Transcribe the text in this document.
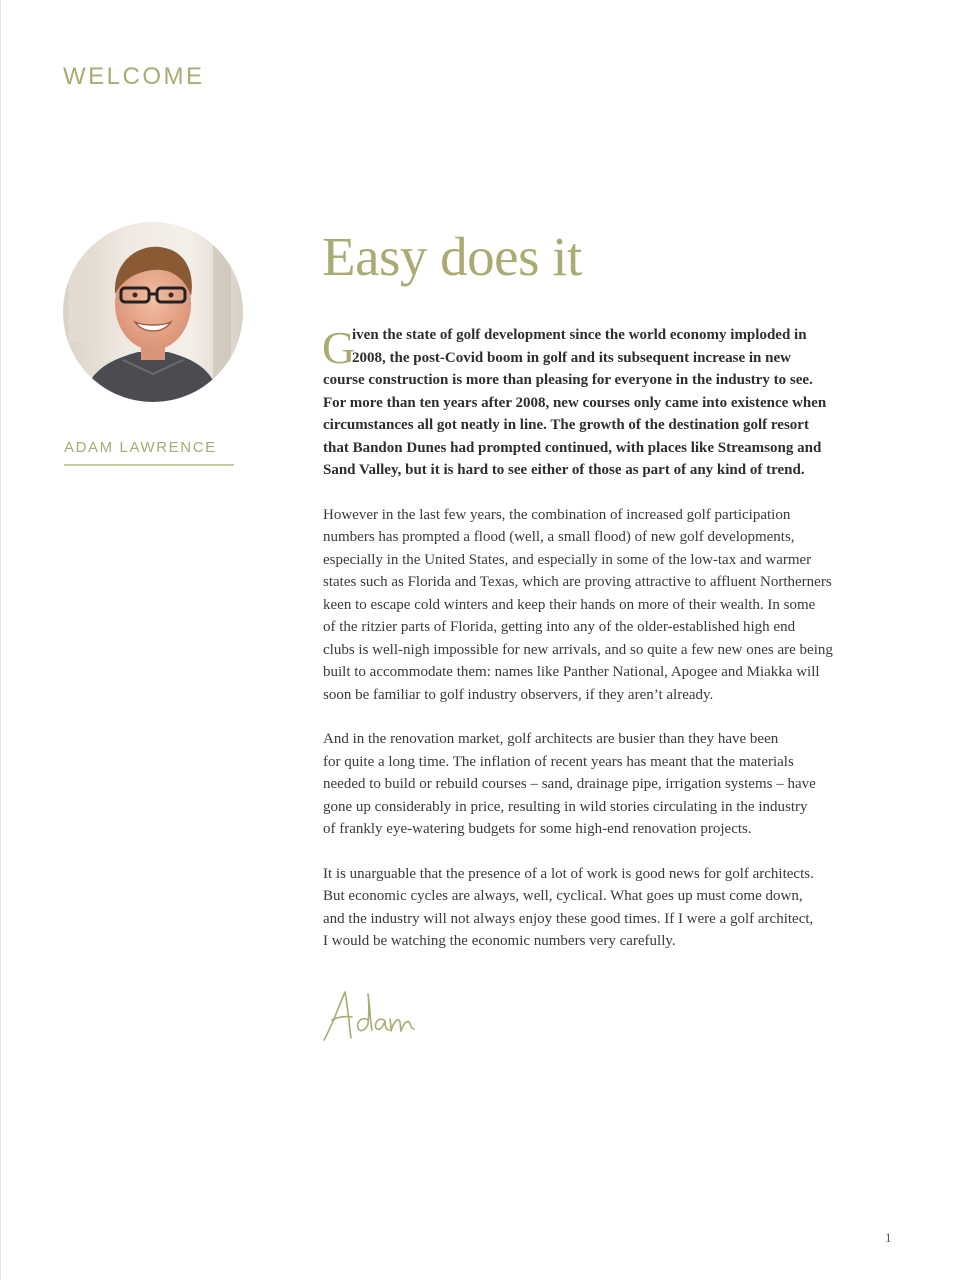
WELCOME
ADAM LAWRENCE
Easy does it

G
iven the state of golf development since the world economy imploded in
2008, the post-Covid boom in golf and its subsequent increase in new
course construction is more than pleasing for everyone in the industry to see.
For more than ten years after 2008, new courses only came into existence when
circumstances all got neatly in line. The growth of the destination golf resort
that Bandon Dunes had prompted continued, with places like Streamsong and
Sand Valley, but it is hard to see either of those as part of any kind of trend.

However in the last few years, the combination of increased golf participation
numbers has prompted a flood (well, a small flood) of new golf developments,
especially in the United States, and especially in some of the low-tax and warmer
states such as Florida and Texas, which are proving attractive to affluent Northerners
keen to escape cold winters and keep their hands on more of their wealth. In some
of the ritzier parts of Florida, getting into any of the older-established high end
clubs is well-nigh impossible for new arrivals, and so quite a few new ones are being
built to accommodate them: names like Panther National, Apogee and Miakka will
soon be familiar to golf industry observers, if they aren’t already.

And in the renovation market, golf architects are busier than they have been
for quite a long time. The inflation of recent years has meant that the materials
needed to build or rebuild courses – sand, drainage pipe, irrigation systems – have
gone up considerably in price, resulting in wild stories circulating in the industry
of frankly eye-watering budgets for some high-end renovation projects.

It is unarguable that the presence of a lot of work is good news for golf architects.
But economic cycles are always, well, cyclical. What goes up must come down,
and the industry will not always enjoy these good times. If I were a golf architect,
I would be watching the economic numbers very carefully.

1
